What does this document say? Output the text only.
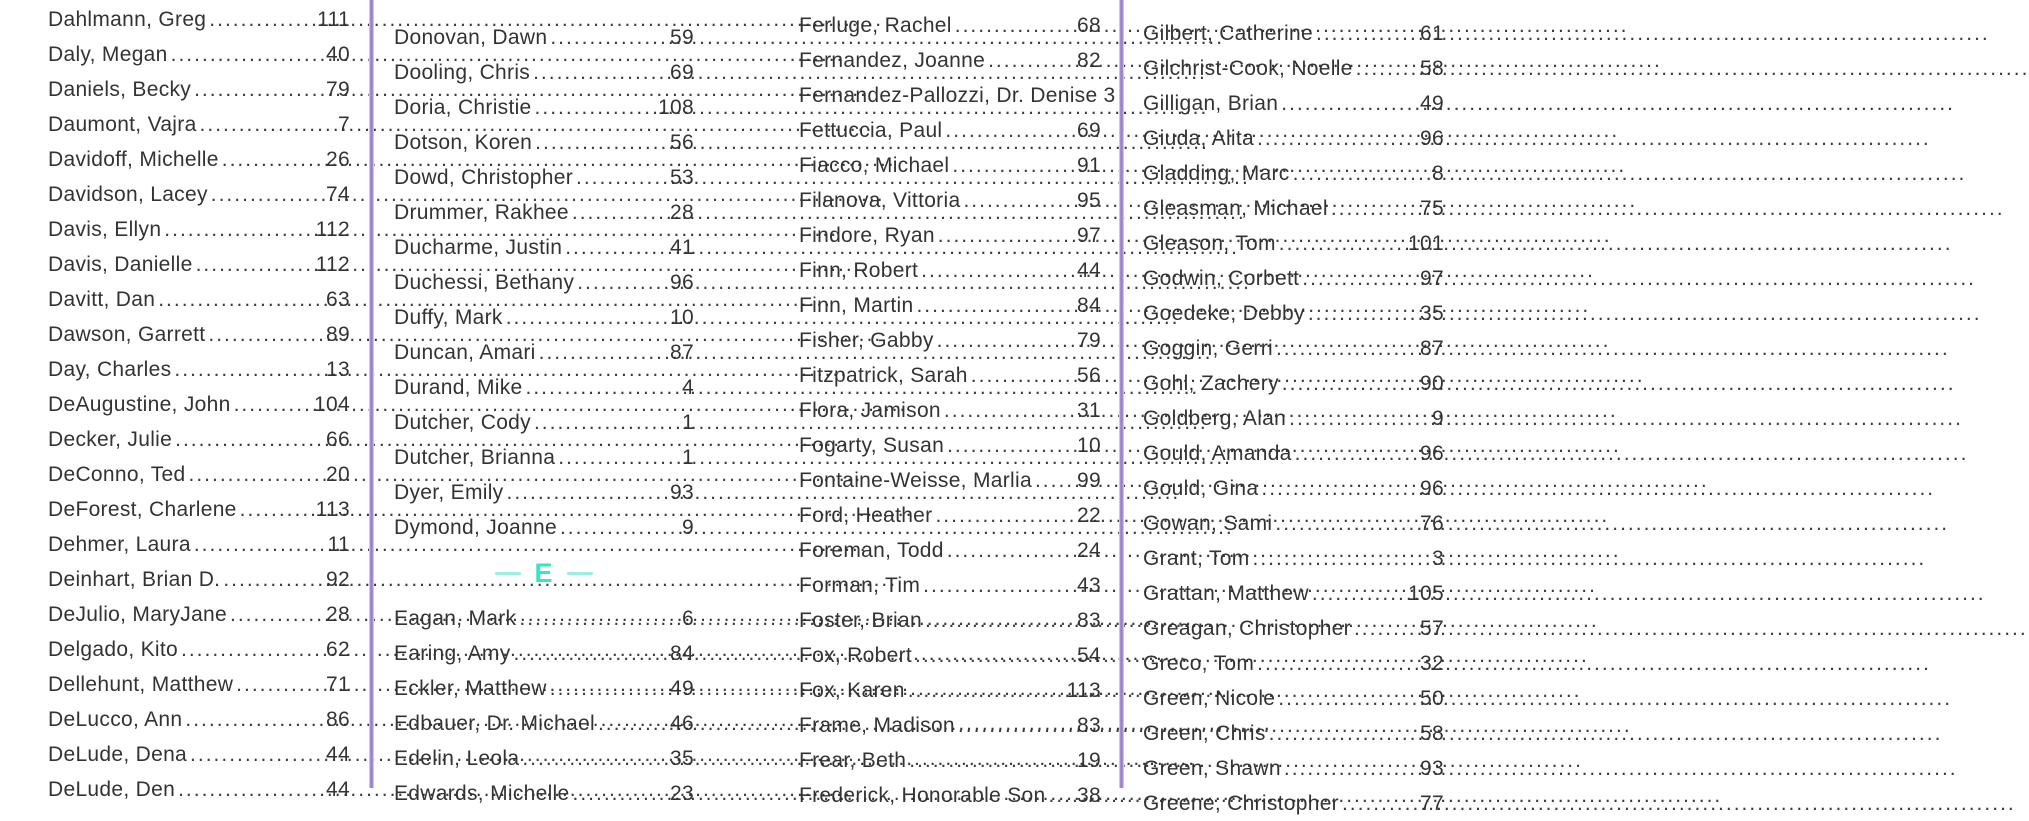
Dahlmann, Greg .....	111
Daly, Megan .....	40
Daniels, Becky .....	79
Daumont, Vajra .....	7
Davidoff, Michelle .....	26
Davidson, Lacey .....	74
Davis, Ellyn .....	112
Davis, Danielle .....	112
Davitt, Dan .....	63
Dawson, Garrett .....	89
Day, Charles .....	13
DeAugustine, John .....	104
Decker, Julie .....	66
DeConno, Ted .....	20
DeForest, Charlene .....	113
Dehmer, Laura .....	11
Deinhart, Brian D. .....	92
DeJulio, MaryJane .....	28
Delgado, Kito .....	62
Dellehunt, Matthew .....	71
DeLucco, Ann .....	86
DeLude, Dena .....	44
DeLude, Den .....	44
Donovan, Dawn .....	59
Dooling, Chris .....	69
Doria, Christie .....	108
Dotson, Koren .....	56
Dowd, Christopher .....	53
Drummer, Rakhee .....	28
Ducharme, Justin .....	41
Duchessi, Bethany .....	96
Duffy, Mark .....	10
Duncan, Amari .....	87
Durand, Mike .....	4
Dutcher, Cody .....	1
Dutcher, Brianna .....	1
Dyer, Emily .....	93
Dymond, Joanne .....	9
E
Eagan, Mark .....	6
Earing, Amy .....	84
Eckler, Matthew .....	49
Edbauer, Dr. Michael .....	46
Edelin, Leola .....	35
Edwards, Michelle .....	23
Ferluge, Rachel .....	68
Fernandez, Joanne .....	82
Fernandez-Pallozzi, Dr. Denise 3
Fettuccia, Paul .....	69
Fiacco, Michael .....	91
Filanova, Vittoria .....	95
Findore, Ryan .....	97
Finn, Robert .....	44
Finn, Martin .....	84
Fisher, Gabby .....	79
Fitzpatrick, Sarah .....	56
Flora, Jamison .....	31
Fogarty, Susan .....	10
Fontaine-Weisse, Marlia ..... 99
Ford, Heather .....	22
Foreman, Todd .....	24
Forman, Tim .....	43
Foster, Brian .....	83
Fox, Robert .....	54
Fox, Karen .....	113
Frame, Madison .....	83
Frear, Beth .....	19
Frederick, Honorable Son ..... 38
Gilbert, Catherine .....	61
Gilchrist-Cook, Noelle .....	58
Gilligan, Brian .....	49
Giuda, Alita .....	96
Gladding, Marc .....	8
Gleasman, Michael .....	75
Gleason, Tom .....	101
Godwin, Corbett .....	97
Goedeke, Debby .....	35
Goggin, Gerri .....	87
Gohl, Zachery .....	90
Goldberg, Alan .....	9
Gould, Amanda .....	96
Gould, Gina .....	96
Gowan, Sami .....	76
Grant, Tom .....	3
Grattan, Matthew .....	105
Greagan, Christopher .....	57
Greco, Tom .....	32
Green, Nicole .....	50
Green, Chris .....	58
Green, Shawn .....	93
Greene, Christopher .....	77
